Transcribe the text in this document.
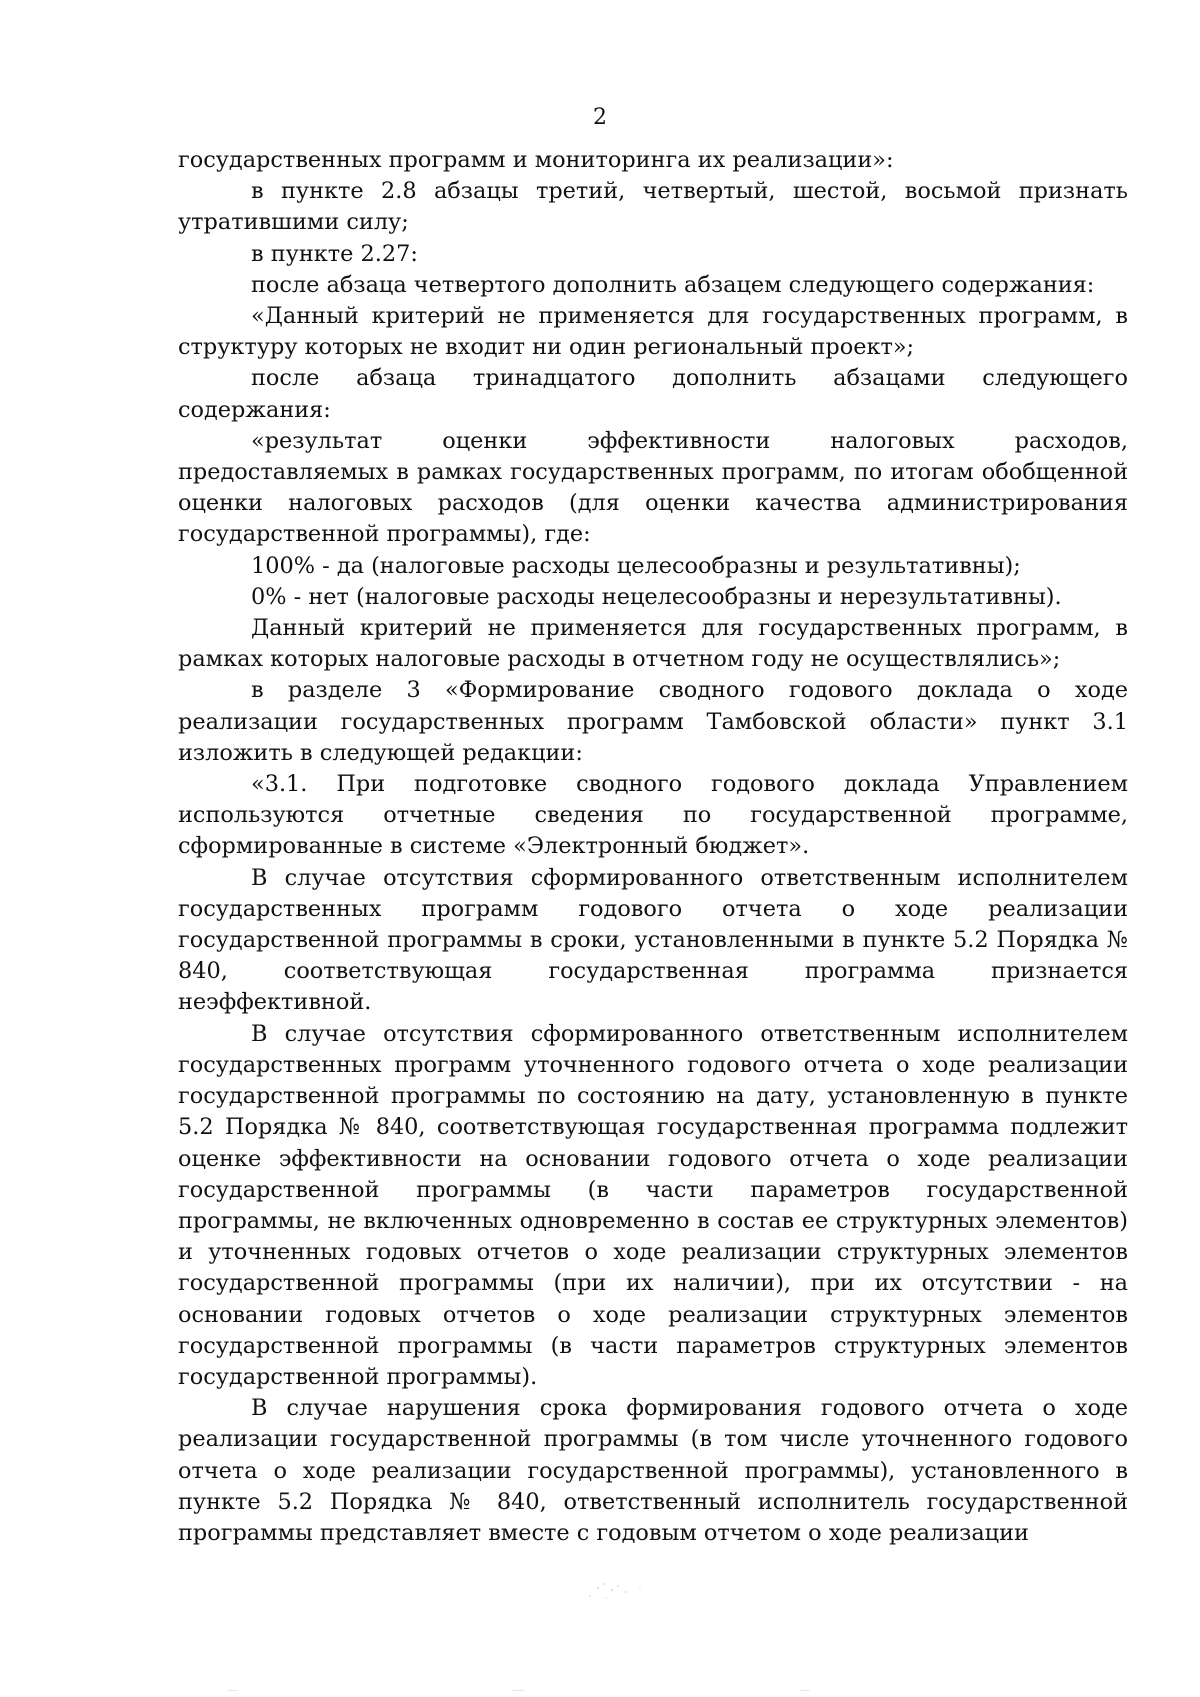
2

государственных программ и мониторинга их реализации»:

в пункте 2.8 абзацы третий, четвертый, шестой, восьмой признать утратившими силу;

в пункте 2.27:

после абзаца четвертого дополнить абзацем следующего содержания:

«Данный критерий не применяется для государственных программ, в структуру которых не входит ни один региональный проект»;

после абзаца тринадцатого дополнить абзацами следующего содержания:

«результат оценки эффективности налоговых расходов, предоставляемых в рамках государственных программ, по итогам обобщенной оценки налоговых расходов (для оценки качества администрирования государственной программы), где:

100% - да (налоговые расходы целесообразны и результативны);

0% - нет (налоговые расходы нецелесообразны и нерезультативны).

Данный критерий не применяется для государственных программ, в рамках которых налоговые расходы в отчетном году не осуществлялись»;

в разделе 3 «Формирование сводного годового доклада о ходе реализации государственных программ Тамбовской области» пункт 3.1 изложить в следующей редакции:

«3.1. При подготовке сводного годового доклада Управлением используются отчетные сведения по государственной программе, сформированные в системе «Электронный бюджет».

В случае отсутствия сформированного ответственным исполнителем государственных программ годового отчета о ходе реализации государственной программы в сроки, установленными в пункте 5.2 Порядка № 840, соответствующая государственная программа признается неэффективной.

В случае отсутствия сформированного ответственным исполнителем государственных программ уточненного годового отчета о ходе реализации государственной программы по состоянию на дату, установленную в пункте 5.2 Порядка № 840, соответствующая государственная программа подлежит оценке эффективности на основании годового отчета о ходе реализации государственной программы (в части параметров государственной программы, не включенных одновременно в состав ее структурных элементов) и уточненных годовых отчетов о ходе реализации структурных элементов государственной программы (при их наличии), при их отсутствии - на основании годовых отчетов о ходе реализации структурных элементов государственной программы (в части параметров структурных элементов государственной программы).

В случае нарушения срока формирования годового отчета о ходе реализации государственной программы (в том числе уточненного годового отчета о ходе реализации государственной программы), установленного в пункте 5.2 Порядка № 840, ответственный исполнитель государственной программы представляет вместе с годовым отчетом о ходе реализации
